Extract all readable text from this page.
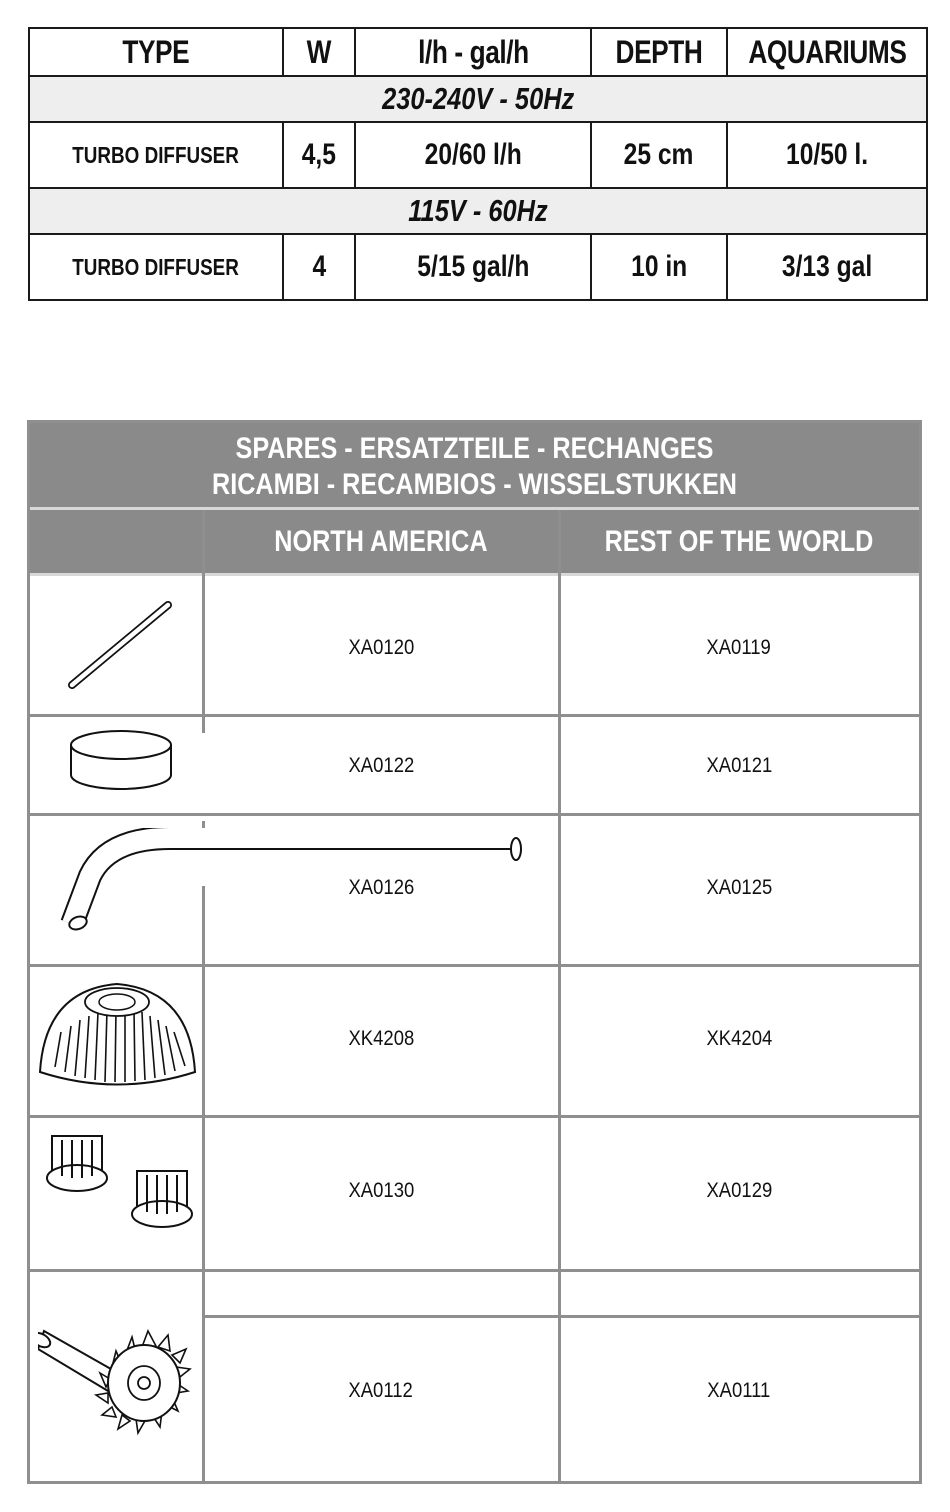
TYPE	W	l/h - gal/h	DEPTH	AQUARIUMS
230-240V - 50Hz				
TURBO DIFFUSER	4,5	20/60 l/h	25 cm	10/50 l.
115V - 60Hz				
TURBO DIFFUSER	4	5/15 gal/h	10 in	3/13 gal
SPARES - ERSATZTEILE - RECHANGES
RICAMBI - RECAMBIOS - WISSELSTUKKEN
NORTH AMERICA	REST OF THE WORLD
XA0120	XA0119
XA0122	XA0121
XA0126	XA0125
XK4208	XK4204
XA0130	XA0129
XA0112	XA0111
